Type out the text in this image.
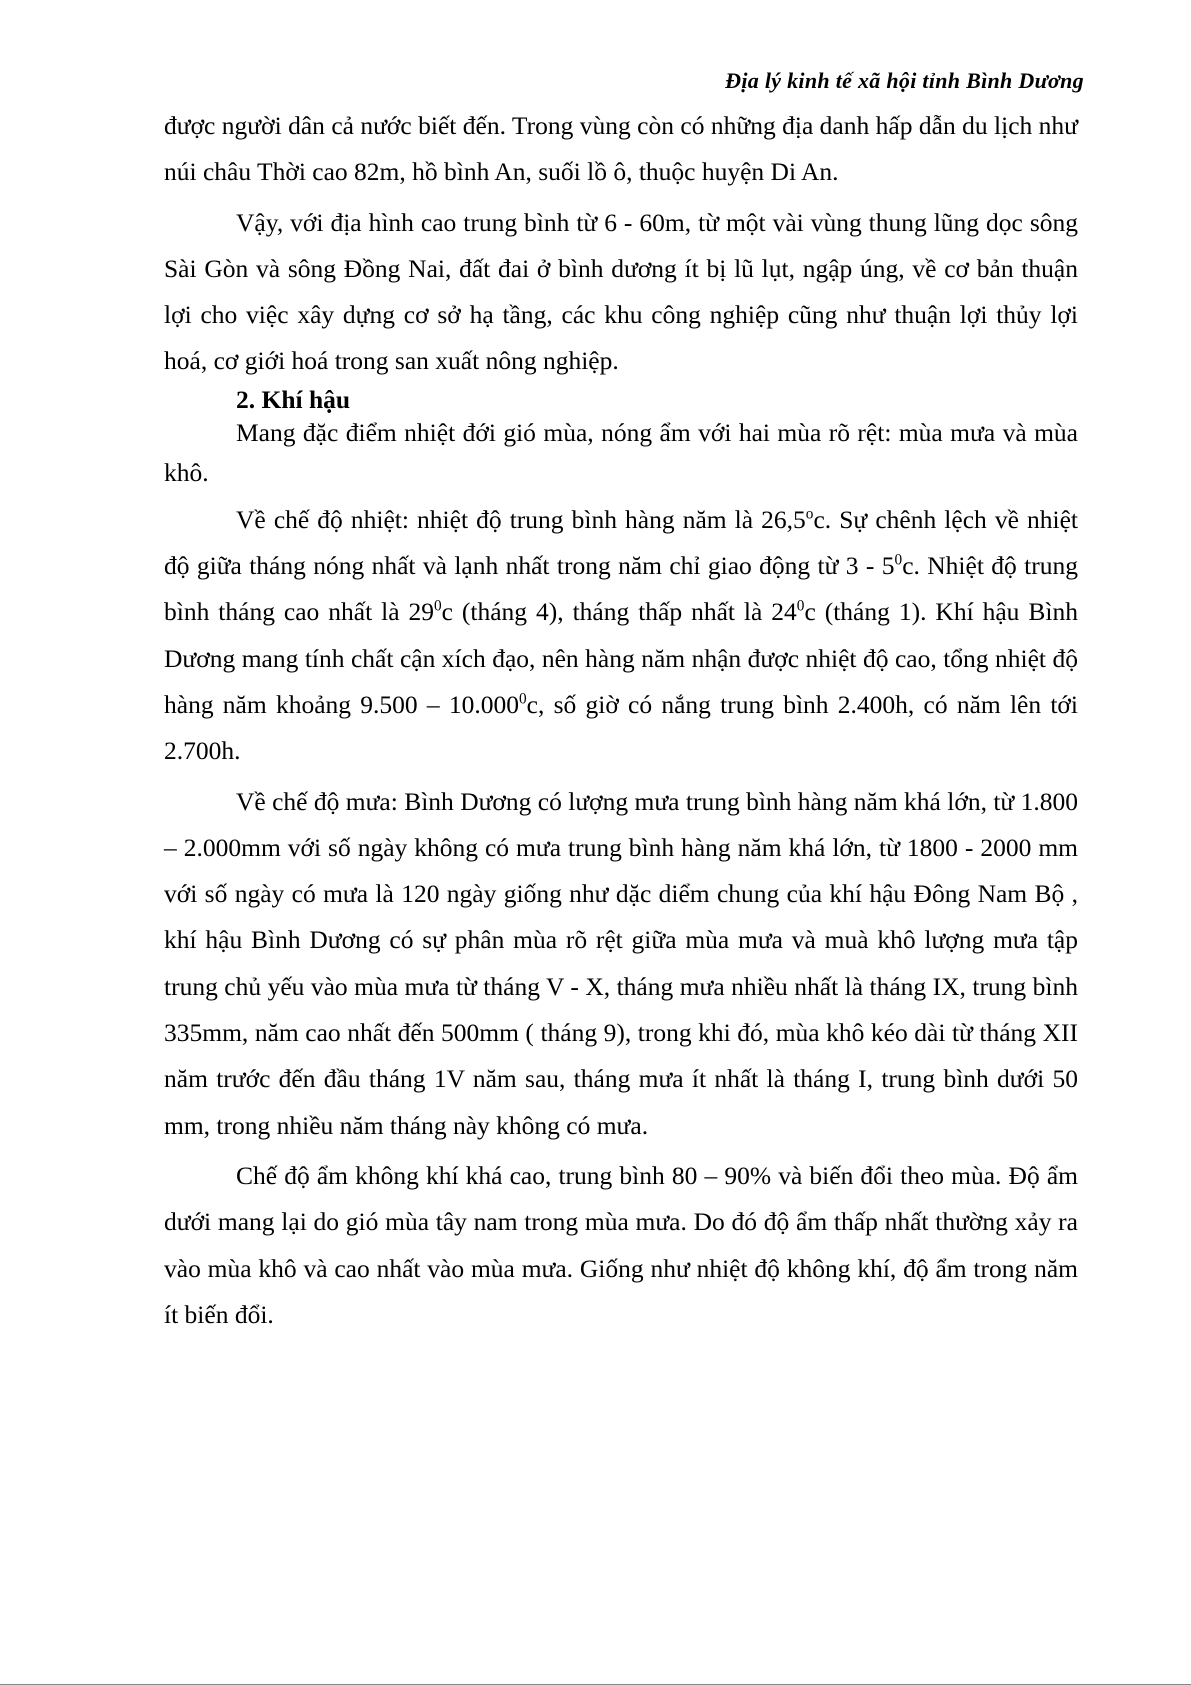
Địa lý kinh tế xã hội tỉnh Bình Dương

được người dân cả nước biết đến. Trong vùng còn có những địa danh hấp dẫn du lịch như núi châu Thời cao 82m, hồ bình An, suối lồ ô, thuộc huyện Di An.

Vậy, với địa hình cao trung bình từ 6 - 60m, từ một vài vùng thung lũng dọc sông Sài Gòn và sông Đồng Nai, đất đai ở bình dương ít bị lũ lụt, ngập úng, về cơ bản thuận lợi cho việc xây dựng cơ sở hạ tầng, các khu công nghiệp cũng như thuận lợi thủy lợi hoá, cơ giới hoá trong san xuất nông nghiệp.

2. Khí hậu

Mang đặc điểm nhiệt đới gió mùa, nóng ẩm với hai mùa rõ rệt: mùa mưa và mùa khô.

Về chế độ nhiệt: nhiệt độ trung bình hàng năm là 26,5$^o$c. Sự chênh lệch về nhiệt độ giữa tháng nóng nhất và lạnh nhất trong năm chỉ giao động từ $3 - 5^0c$. Nhiệt độ trung bình tháng cao nhất là $29^0c$ (tháng 4), tháng thấp nhất là $24^0c$ (tháng 1). Khí hậu Bình Dương mang tính chất cận xích đạo, nên hàng năm nhận được nhiệt độ cao, tổng nhiệt độ hàng năm khoảng 9.500 – 10.000$^0$c, số giờ có nắng trung bình 2.400h, có năm lên tới 2.700h.

Về chế độ mưa: Bình Dương có lượng mưa trung bình hàng năm khá lớn, từ 1.800 – 2.000mm với số ngày không có mưa trung bình hàng năm khá lớn, từ 1800 - 2000 mm với số ngày có mưa là 120 ngày giống như dặc diểm chung của khí hậu Đông Nam Bộ , khí hậu Bình Dương có sự phân mùa rõ rệt giữa mùa mưa và muà khô lượng mưa tập trung chủ yếu vào mùa mưa từ tháng V - X, tháng mưa nhiều nhất là tháng IX, trung bình 335mm, năm cao nhất đến 500mm ( tháng 9), trong khi đó, mùa khô kéo dài từ tháng XII năm trước đến đầu tháng 1V năm sau, tháng mưa ít nhất là tháng I, trung bình dưới 50 mm, trong nhiều năm tháng này không có mưa.

Chế độ ẩm không khí khá cao, trung bình 80 – 90% và biến đổi theo mùa. Độ ẩm dưới mang lại do gió mùa tây nam trong mùa mưa. Do đó độ ẩm thấp nhất thường xảy ra vào mùa khô và cao nhất vào mùa mưa. Giống như nhiệt độ không khí, độ ẩm trong năm ít biến đổi.
